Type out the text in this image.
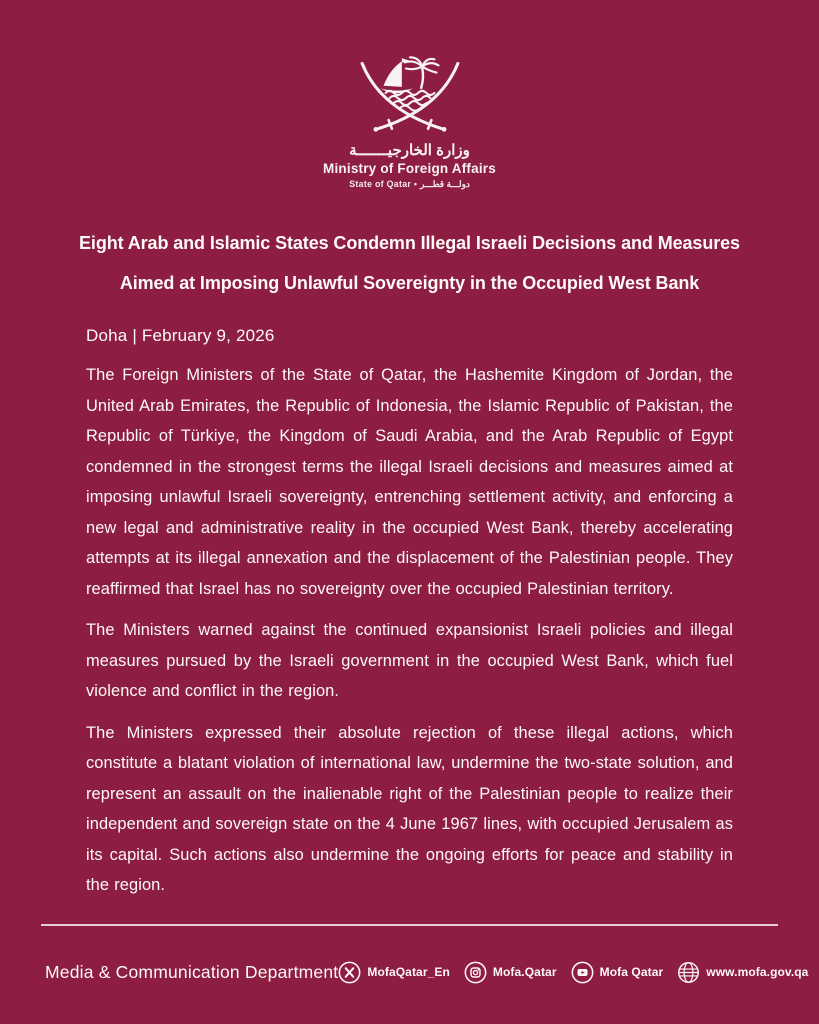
وزارة الخارجيـــــــة
Ministry of Foreign Affairs
State of Qatar • دولـــة قطـــر
Eight Arab and Islamic States Condemn Illegal Israeli Decisions and Measures
Aimed at Imposing Unlawful Sovereignty in the Occupied West Bank
Doha | February 9, 2026

The Foreign Ministers of the State of Qatar, the Hashemite Kingdom of Jordan, the United Arab Emirates, the Republic of Indonesia, the Islamic Republic of Pakistan, the Republic of Türkiye, the Kingdom of Saudi Arabia, and the Arab Republic of Egypt condemned in the strongest terms the illegal Israeli decisions and measures aimed at imposing unlawful Israeli sovereignty, entrenching settlement activity, and enforcing a new legal and administrative reality in the occupied West Bank, thereby accelerating attempts at its illegal annexation and the displacement of the Palestinian people. They reaffirmed that Israel has no sovereignty over the occupied Palestinian territory.

The Ministers warned against the continued expansionist Israeli policies and illegal measures pursued by the Israeli government in the occupied West Bank, which fuel violence and conflict in the region.

The Ministers expressed their absolute rejection of these illegal actions, which constitute a blatant violation of international law, undermine the two-state solution, and represent an assault on the inalienable right of the Palestinian people to realize their independent and sovereign state on the 4 June 1967 lines, with occupied Jerusalem as its capital. Such actions also undermine the ongoing efforts for peace and stability in the region.

Media & Communication Department MofaQatar_En	Mofa.Qatar	Mofa Qatar	www.mofa.gov.qa
